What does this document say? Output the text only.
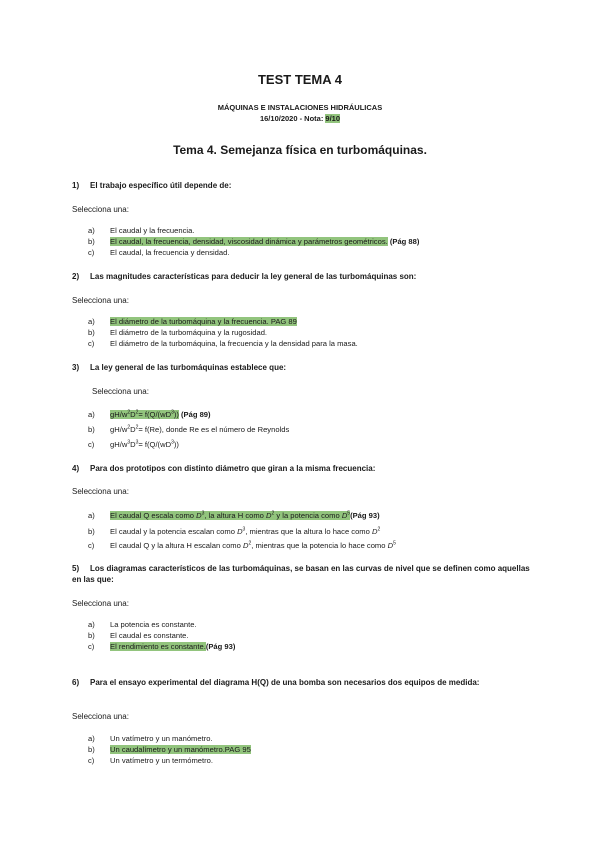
TEST TEMA 4
MÁQUINAS E INSTALACIONES HIDRÁULICAS
16/10/2020 - Nota: 9/10
Tema 4. Semejanza física en turbomáquinas.
1) El trabajo específico útil depende de:
Selecciona una:
a) El caudal y la frecuencia.
b) El caudal, la frecuencia, densidad, viscosidad dinámica y parámetros geométricos. (Pág 88)
c) El caudal, la frecuencia y densidad.
2) Las magnitudes características para deducir la ley general de las turbomáquinas son:
Selecciona una:
a) El diámetro de la turbomáquina y la frecuencia. PAG 89
b) El diámetro de la turbomáquina y la rugosidad.
c) El diámetro de la turbomáquina, la frecuencia y la densidad para la masa.
3) La ley general de las turbomáquinas establece que:
Selecciona una:
a) $gH/w^2D^2= f(Q/(wD^3))$ (Pág 89)
b) $gH/w^2D^2= f(Re)$, donde Re es el número de Reynolds
c) $gH/w^3D^3= f(Q/(wD^3))$
4) Para dos prototipos con distinto diámetro que giran a la misma frecuencia:
Selecciona una:
a) El caudal Q escala como $D^3$, la altura H como $D^2$ y la potencia como $D^5(Pág$ 93)
b) El caudal y la potencia escalan como $D^3$, mientras que la altura lo hace como $D^2$
c) El caudal Q y la altura H escalan como $D^2$, mientras que la potencia lo hace como $D^5$
5) Los diagramas característicos de las turbomáquinas, se basan en las curvas de nivel que se definen como aquellas en las que:
Selecciona una:
a) La potencia es constante.
b) El caudal es constante.
c) El rendimiento es constante.(Pág 93)
6) Para el ensayo experimental del diagrama H(Q) de una bomba son necesarios dos equipos de medida:
Selecciona una:
a) Un vatímetro y un manómetro.
b) Un caudalímetro y un manómetro.PAG 95
c) Un vatímetro y un termómetro.
